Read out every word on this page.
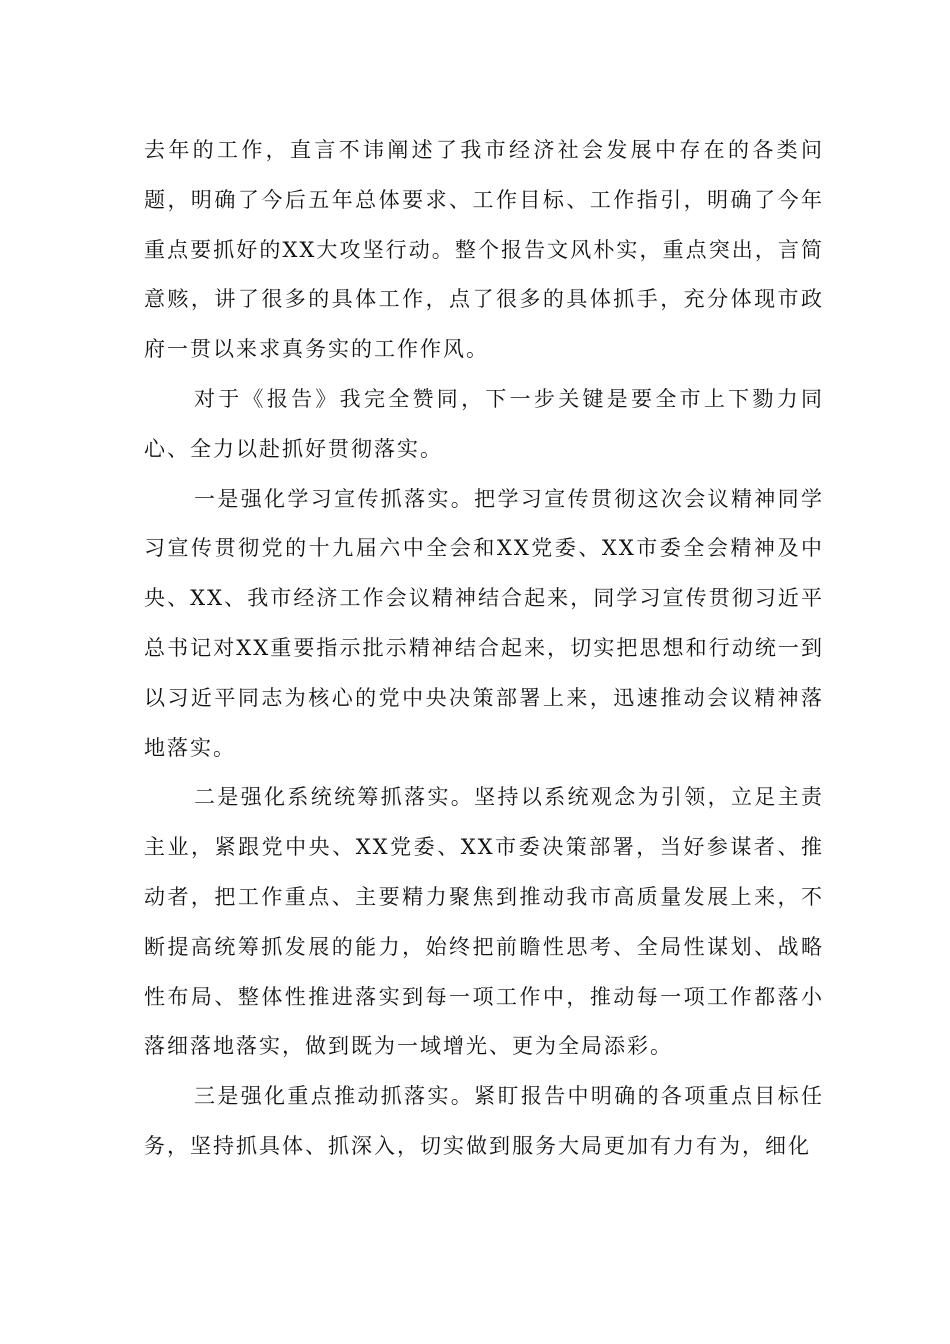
去年的工作，直言不讳阐述了我市经济社会发展中存在的各类问题，明确了今后五年总体要求、工作目标、工作指引，明确了今年重点要抓好的XX大攻坚行动。整个报告文风朴实，重点突出，言简意赅，讲了很多的具体工作，点了很多的具体抓手，充分体现市政府一贯以来求真务实的工作作风。

对于《报告》我完全赞同，下一步关键是要全市上下勠力同心、全力以赴抓好贯彻落实。

一是强化学习宣传抓落实。把学习宣传贯彻这次会议精神同学习宣传贯彻党的十九届六中全会和XX党委、XX市委全会精神及中央、XX、我市经济工作会议精神结合起来，同学习宣传贯彻习近平总书记对XX重要指示批示精神结合起来，切实把思想和行动统一到以习近平同志为核心的党中央决策部署上来，迅速推动会议精神落地落实。

二是强化系统统筹抓落实。坚持以系统观念为引领，立足主责主业，紧跟党中央、XX党委、XX市委决策部署，当好参谋者、推动者，把工作重点、主要精力聚焦到推动我市高质量发展上来，不断提高统筹抓发展的能力，始终把前瞻性思考、全局性谋划、战略性布局、整体性推进落实到每一项工作中，推动每一项工作都落小落细落地落实，做到既为一域增光、更为全局添彩。

三是强化重点推动抓落实。紧盯报告中明确的各项重点目标任务，坚持抓具体、抓深入，切实做到服务大局更加有力有为，细化
